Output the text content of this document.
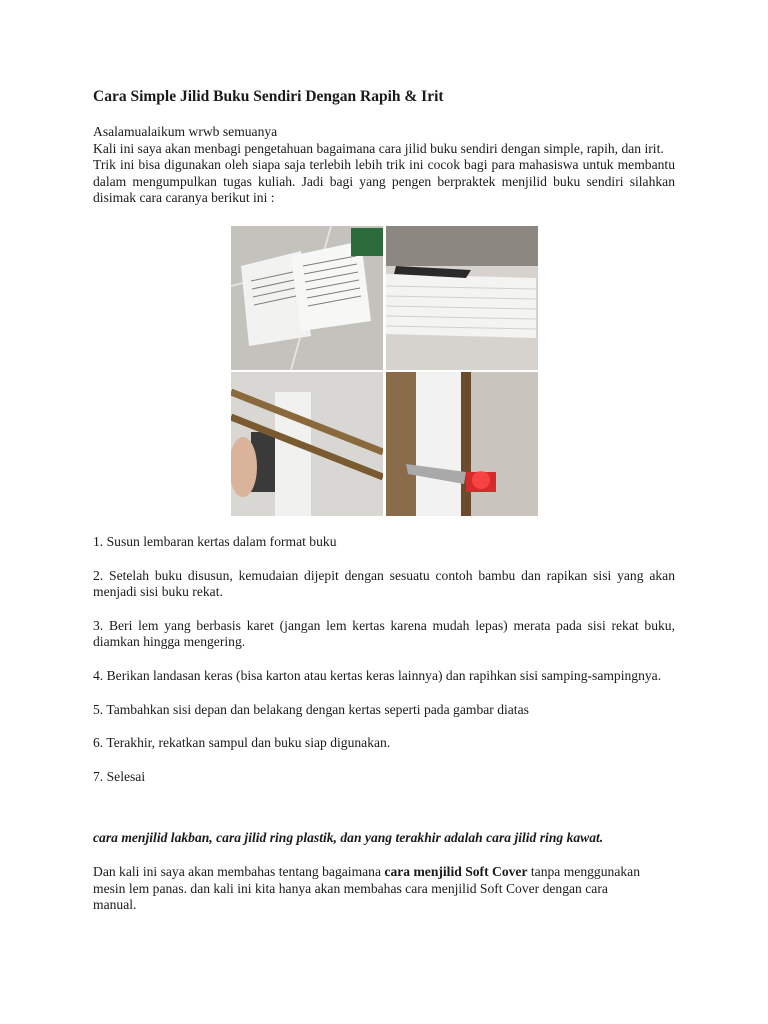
Cara Simple Jilid Buku Sendiri Dengan Rapih & Irit

Asalamualaikum wrwb semuanya

Kali ini saya akan menbagi pengetahuan bagaimana cara jilid buku sendiri dengan simple, rapih, dan irit.

Trik ini bisa digunakan oleh siapa saja terlebih lebih trik ini cocok bagi para mahasiswa untuk membantu dalam mengumpulkan tugas kuliah. Jadi bagi yang pengen berpraktek menjilid buku sendiri silahkan disimak cara caranya berikut ini :

1. Susun lembaran kertas dalam format buku

2. Setelah buku disusun, kemudaian dijepit dengan sesuatu contoh bambu dan rapikan sisi yang akan menjadi sisi buku rekat.

3. Beri lem yang berbasis karet (jangan lem kertas karena mudah lepas) merata pada sisi rekat buku, diamkan hingga mengering.

4. Berikan landasan keras (bisa karton atau kertas keras lainnya) dan rapihkan sisi samping-sampingnya.

5. Tambahkan sisi depan dan belakang dengan kertas seperti pada gambar diatas

6. Terakhir, rekatkan sampul dan buku siap digunakan.

7. Selesai

cara menjilid lakban, cara jilid ring plastik, dan yang terakhir adalah cara jilid ring kawat.

Dan kali ini saya akan membahas tentang bagaimana cara menjilid Soft Cover tanpa menggunakan mesin lem panas. dan kali ini kita hanya akan membahas cara menjilid Soft Cover dengan cara manual.
